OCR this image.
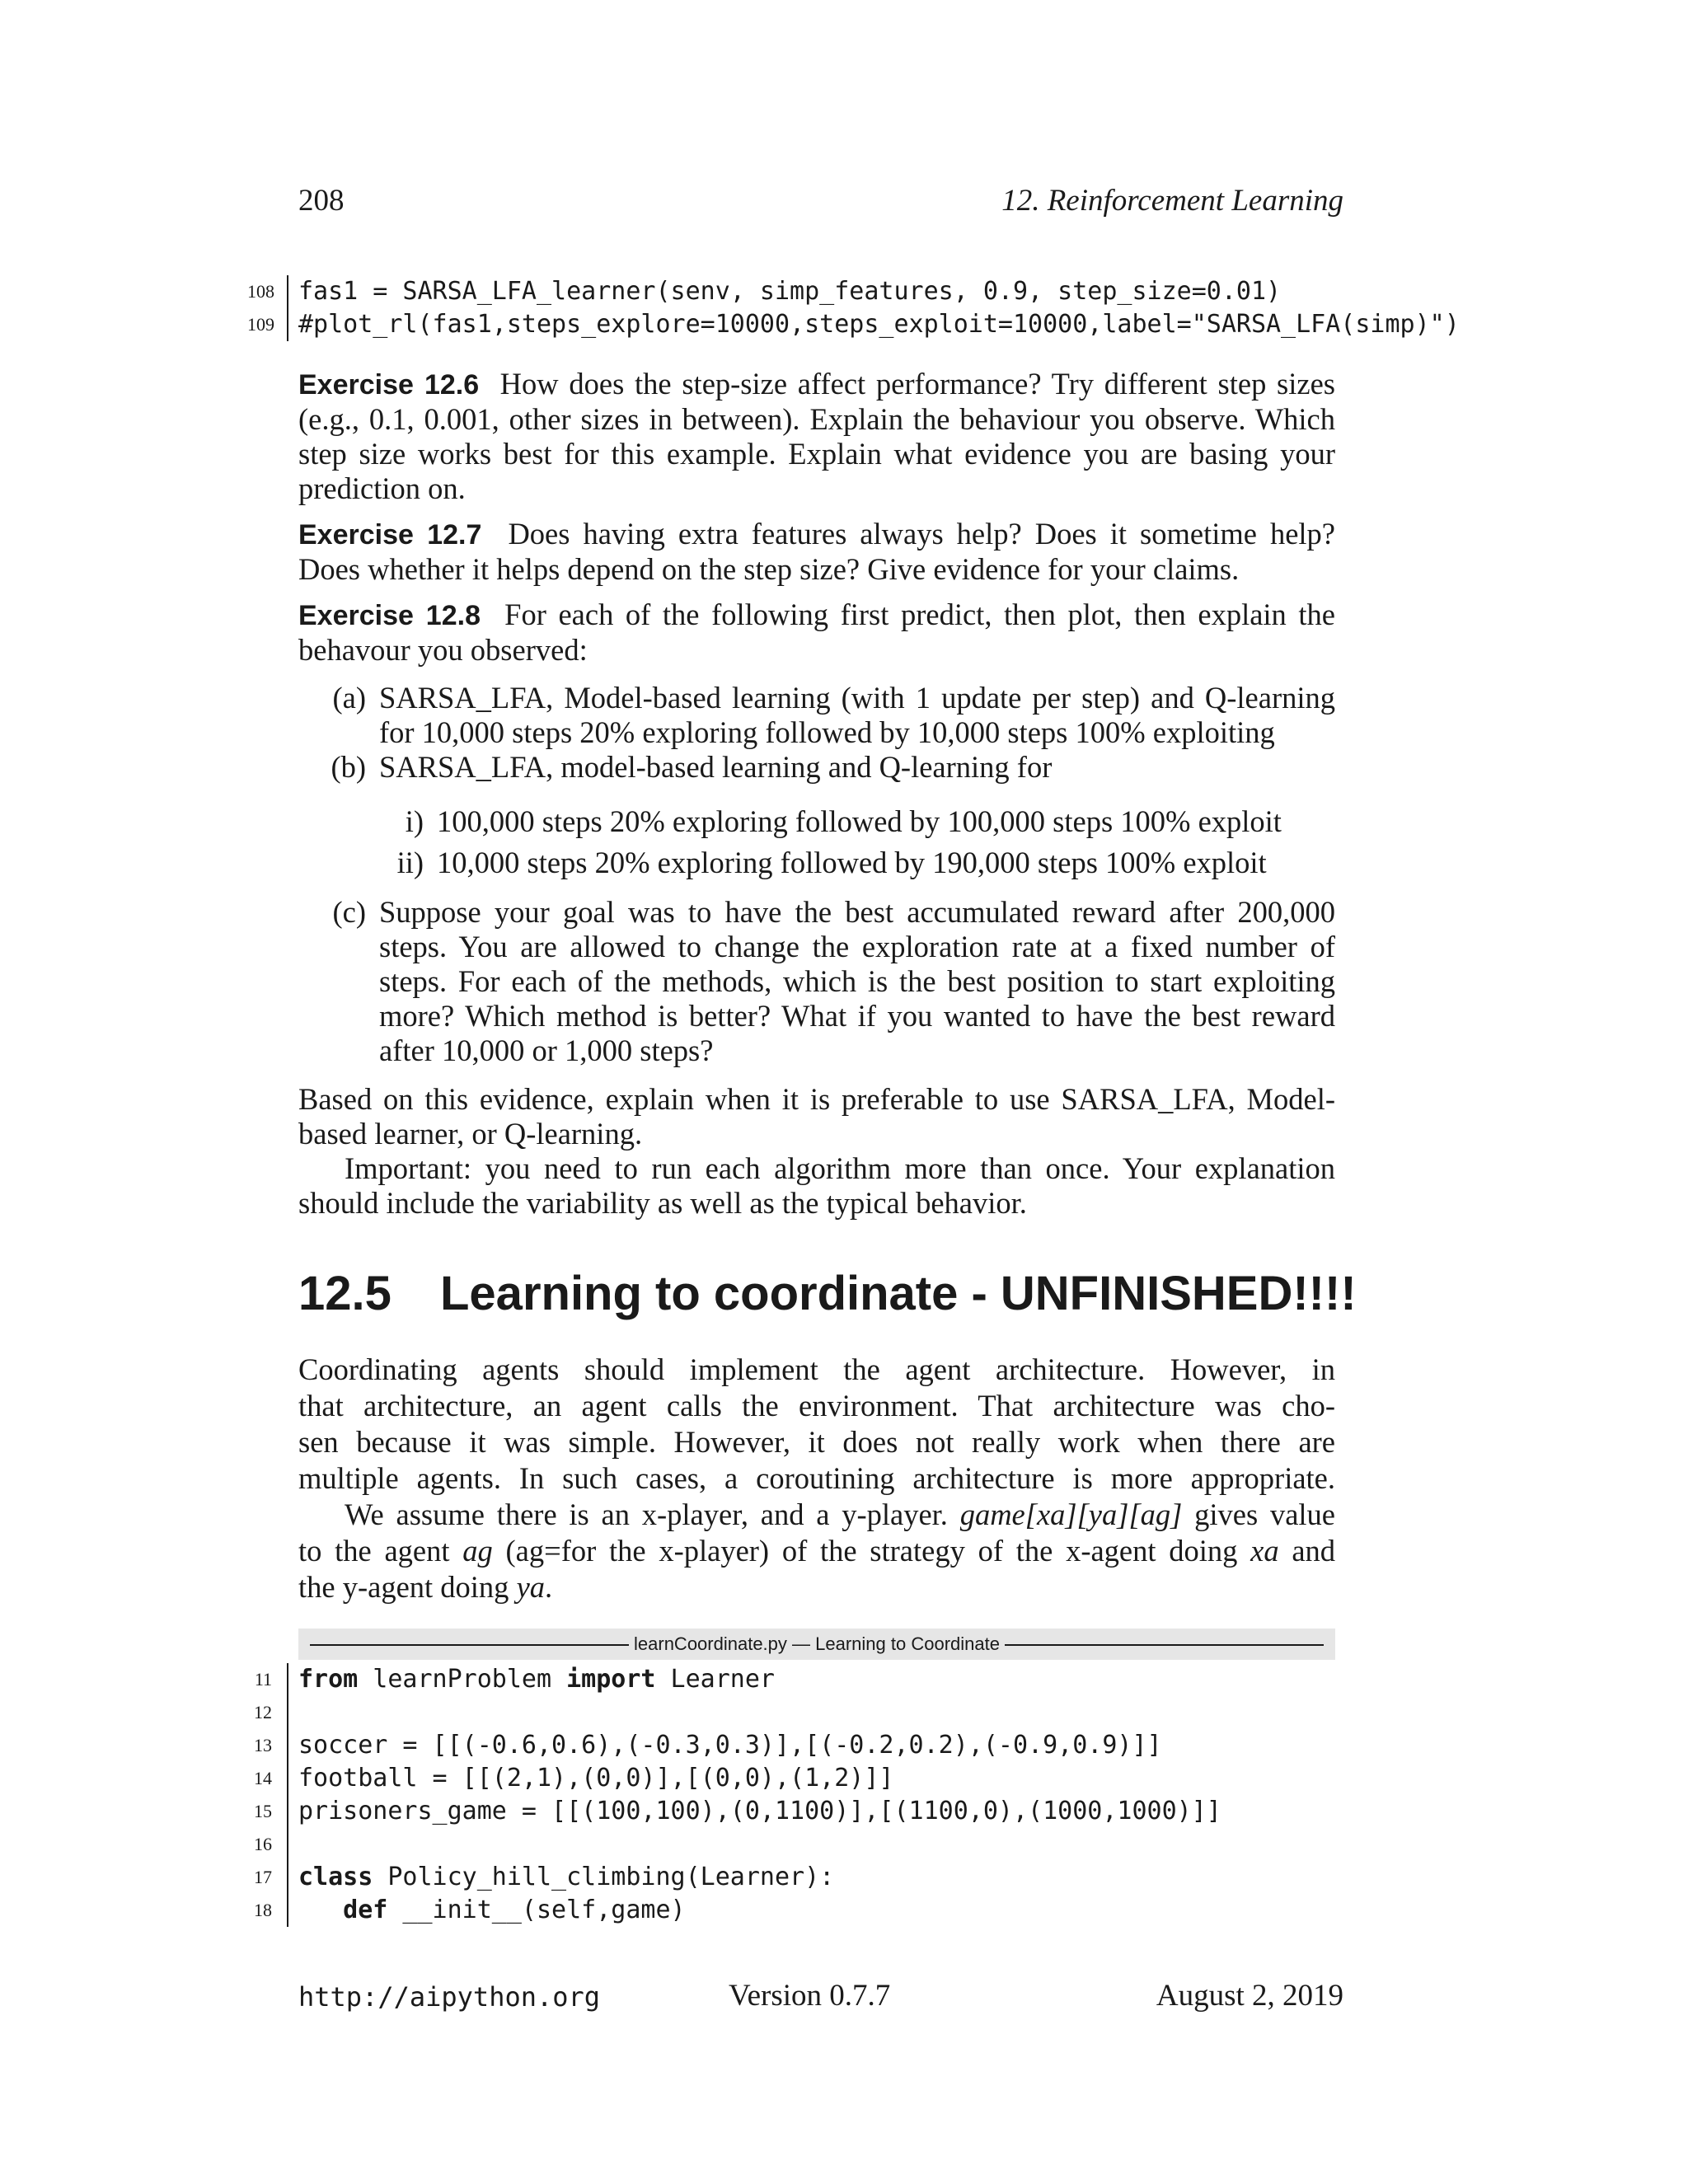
208	12. Reinforcement Learning
108 fas1 = SARSA_LFA_learner(senv, simp_features, 0.9, step_size=0.01)
109 #plot_rl(fas1,steps_explore=10000,steps_exploit=10000,label="SARSA_LFA(simp)")
Exercise 12.6 How does the step-size affect performance? Try different step sizes
(e.g., 0.1, 0.001, other sizes in between). Explain the behaviour you observe. Which
step size works best for this example. Explain what evidence you are basing your
prediction on.
Exercise 12.7 Does having extra features always help? Does it sometime help?
Does whether it helps depend on the step size? Give evidence for your claims.
Exercise 12.8 For each of the following first predict, then plot, then explain the
behavour you observed:
(a) SARSA_LFA, Model-based learning (with 1 update per step) and Q-learning
for 10,000 steps 20% exploring followed by 10,000 steps 100% exploiting
(b) SARSA_LFA, model-based learning and Q-learning for
i) 100,000 steps 20% exploring followed by 100,000 steps 100% exploit
ii) 10,000 steps 20% exploring followed by 190,000 steps 100% exploit
(c) Suppose your goal was to have the best accumulated reward after 200,000
steps. You are allowed to change the exploration rate at a fixed number of
steps. For each of the methods, which is the best position to start exploiting
more? Which method is better? What if you wanted to have the best reward
after 10,000 or 1,000 steps?
Based on this evidence, explain when it is preferable to use SARSA_LFA, Model-
based learner, or Q-learning.
Important: you need to run each algorithm more than once. Your explanation
should include the variability as well as the typical behavior.
12.5 Learning to coordinate - UNFINISHED!!!!
Coordinating agents should implement the agent architecture. However, in
that architecture, an agent calls the environment. That architecture was cho-
sen because it was simple. However, it does not really work when there are
multiple agents. In such cases, a coroutining architecture is more appropriate.
We assume there is an x-player, and a y-player. game[xa][ya][ag] gives value
to the agent ag (ag=for the x-player) of the strategy of the x-agent doing xa and
the y-agent doing ya.
learnCoordinate.py — Learning to Coordinate
11 from learnProblem import Learner
12
13 soccer = [[(-0.6,0.6),(-0.3,0.3)],[(-0.2,0.2),(-0.9,0.9)]]
14 football = [[(2,1),(0,0)],[(0,0),(1,2)]]
15 prisoners_game = [[(100,100),(0,1100)],[(1100,0),(1000,1000)]]
16
17 class Policy_hill_climbing(Learner):
18 def __init__(self,game)
http://aipython.org	Version 0.7.7	August 2, 2019
